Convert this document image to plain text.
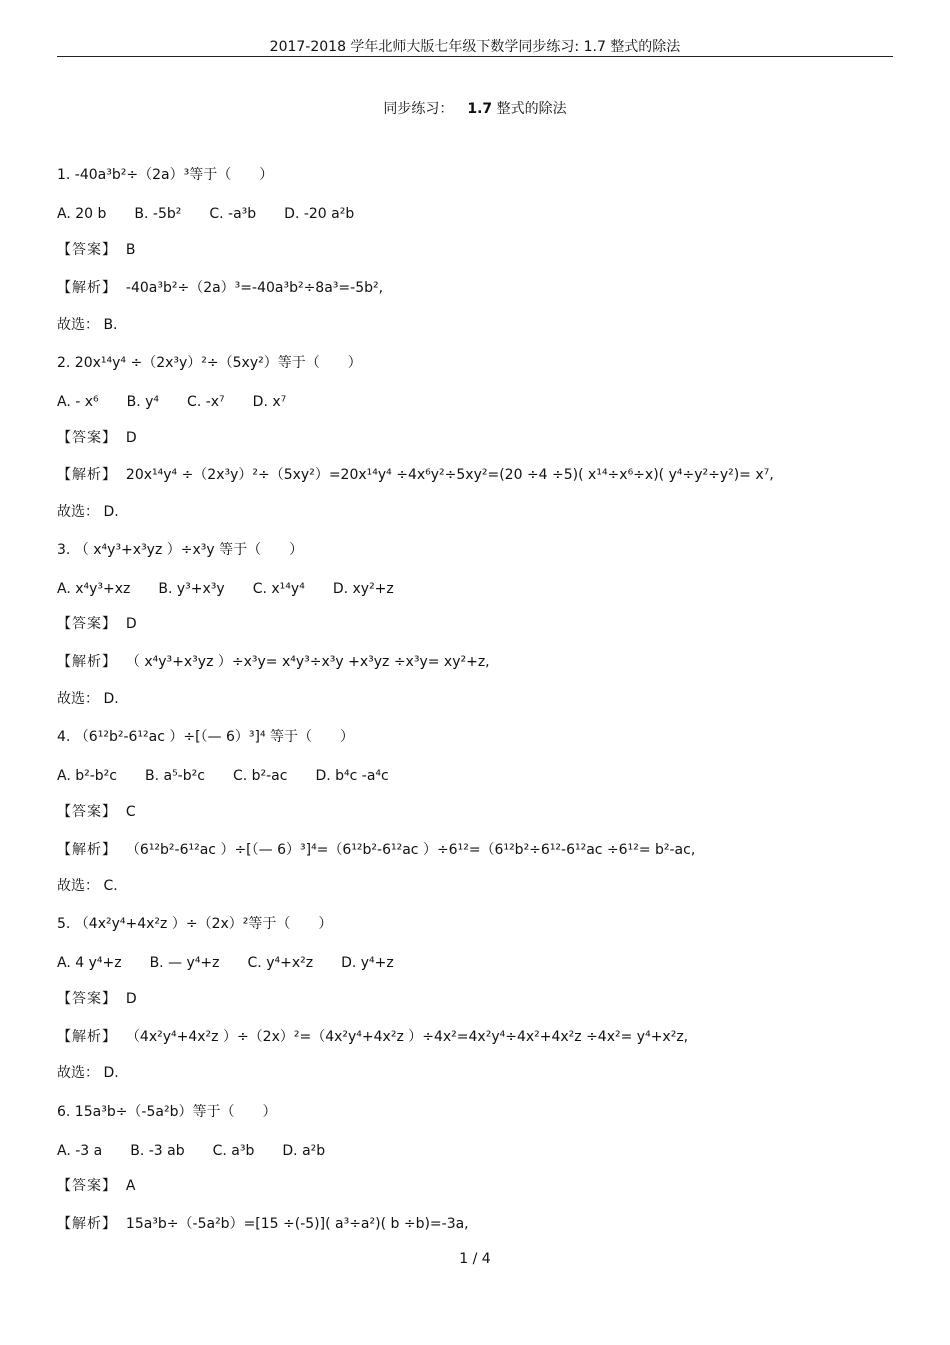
2017-2018 学年北师大版七年级下数学同步练习: 1.7 整式的除法
同步练习： 1.7 整式的除法
1. -40a³b²÷（2a）³等于（　　）
A. 20 b B. -5b² C. -a³b D. -20 a²b
【答案】 B
【解析】 -40a³b²÷（2a）³=-40a³b²÷8a³=-5b²,
故选： B.
2. 20x¹⁴y⁴ ÷（2x³y）²÷（5xy²）等于（　　）
A. - x⁶ B. y⁴ C. -x⁷ D. x⁷
【答案】 D
【解析】 20x¹⁴y⁴ ÷（2x³y）²÷（5xy²）=20x¹⁴y⁴ ÷4x⁶y²÷5xy²=(20 ÷4 ÷5)( x¹⁴÷x⁶÷x)( y⁴÷y²÷y²)= x⁷,
故选： D.
3. （ x⁴y³+x³yz ）÷x³y 等于（　　）
A. x⁴y³+xz B. y³+x³y C. x¹⁴y⁴ D. xy²+z
【答案】 D
【解析】 （ x⁴y³+x³yz ）÷x³y= x⁴y³÷x³y +x³yz ÷x³y= xy²+z,
故选： D.
4. （6¹²b²-6¹²ac ）÷[（— 6）³]⁴ 等于（　　）
A. b²-b²c B. a⁵-b²c C. b²-ac D. b⁴c -a⁴c
【答案】 C
【解析】 （6¹²b²-6¹²ac ）÷[（— 6）³]⁴=（6¹²b²-6¹²ac ）÷6¹²=（6¹²b²÷6¹²-6¹²ac ÷6¹²= b²-ac,
故选： C.
5. （4x²y⁴+4x²z ）÷（2x）²等于（　　）
A. 4 y⁴+z B. — y⁴+z C. y⁴+x²z D. y⁴+z
【答案】 D
【解析】 （4x²y⁴+4x²z ）÷（2x）²=（4x²y⁴+4x²z ）÷4x²=4x²y⁴÷4x²+4x²z ÷4x²= y⁴+x²z,
故选： D.
6. 15a³b÷（-5a²b）等于（　　）
A. -3 a B. -3 ab C. a³b D. a²b
【答案】 A
【解析】 15a³b÷（-5a²b）=[15 ÷(-5)]( a³÷a²)( b ÷b)=-3a,
1 / 4
